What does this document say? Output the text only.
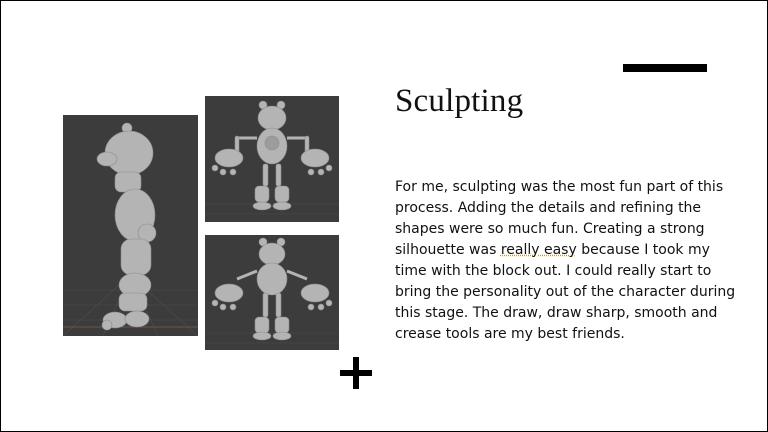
Sculpting

For me, sculpting was the most fun part of this process. Adding the details and refining the shapes were so much fun. Creating a strong silhouette was really easy because I took my time with the block out. I could really start to bring the personality out of the character during this stage. The draw, draw sharp, smooth and crease tools are my best friends.
